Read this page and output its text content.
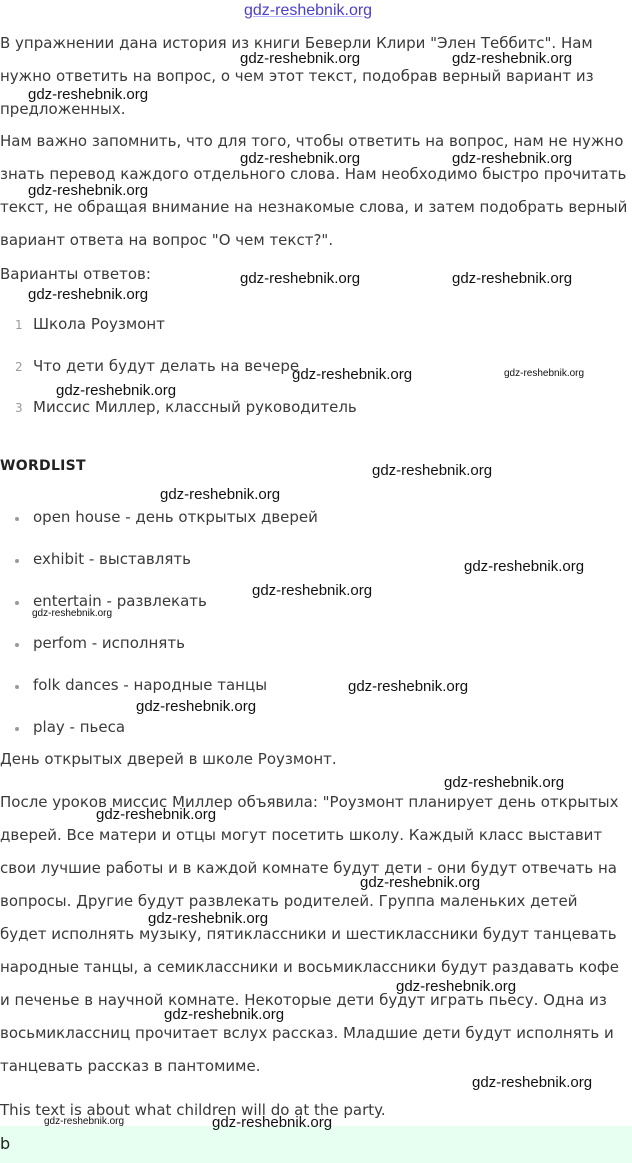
gdz-reshebnik.org

В упражнении дана история из книги Беверли Клири "Элен Теббитс". Нам нужно ответить на вопрос, о чем этот текст, подобрав верный вариант из предложенных.

Нам важно запомнить, что для того, чтобы ответить на вопрос, нам не нужно знать перевод каждого отдельного слова. Нам необходимо быстро прочитать текст, не обращая внимание на незнакомые слова, и затем подобрать верный вариант ответа на вопрос "О чем текст?".

Варианты ответов:
1 Школа Роузмонт
2 Что дети будут делать на вечере
3 Миссис Миллер, классный руководитель
WORDLIST
open house - день открытых дверей
exhibit - выставлять
entertain - развлекать
perfom - исполнять
folk dances - народные танцы
play - пьеса
День открытых дверей в школе Роузмонт.

После уроков миссис Миллер объявила: "Роузмонт планирует день открытых дверей. Все матери и отцы могут посетить школу. Каждый класс выставит свои лучшие работы и в каждой комнате будут дети - они будут отвечать на вопросы. Другие будут развлекать родителей. Группа маленьких детей будет исполнять музыку, пятиклассники и шестиклассники будут танцевать народные танцы, а семиклассники и восьмиклассники будут раздавать кофе и печенье в научной комнате. Некоторые дети будут играть пьесу. Одна из восьмиклассниц прочитает вслух рассказ. Младшие дети будут исполнять и танцевать рассказ в пантомиме.

This text is about what children will do at the party.
b
gdz-reshebnik.org	gdz-reshebnik.org
gdz-reshebnik.org
gdz-reshebnik.org	gdz-reshebnik.org
gdz-reshebnik.org
gdz-reshebnik.org	gdz-reshebnik.org
gdz-reshebnik.org
gdz-reshebnik.org	gdz-reshebnik.org
gdz-reshebnik.org
gdz-reshebnik.org
gdz-reshebnik.org
gdz-reshebnik.org
gdz-reshebnik.org
gdz-reshebnik.org
gdz-reshebnik.org
gdz-reshebnik.org
gdz-reshebnik.org
gdz-reshebnik.org
gdz-reshebnik.org
gdz-reshebnik.org
gdz-reshebnik.org
gdz-reshebnik.org
gdz-reshebnik.org
gdz-reshebnik.org	gdz-reshebnik.org
